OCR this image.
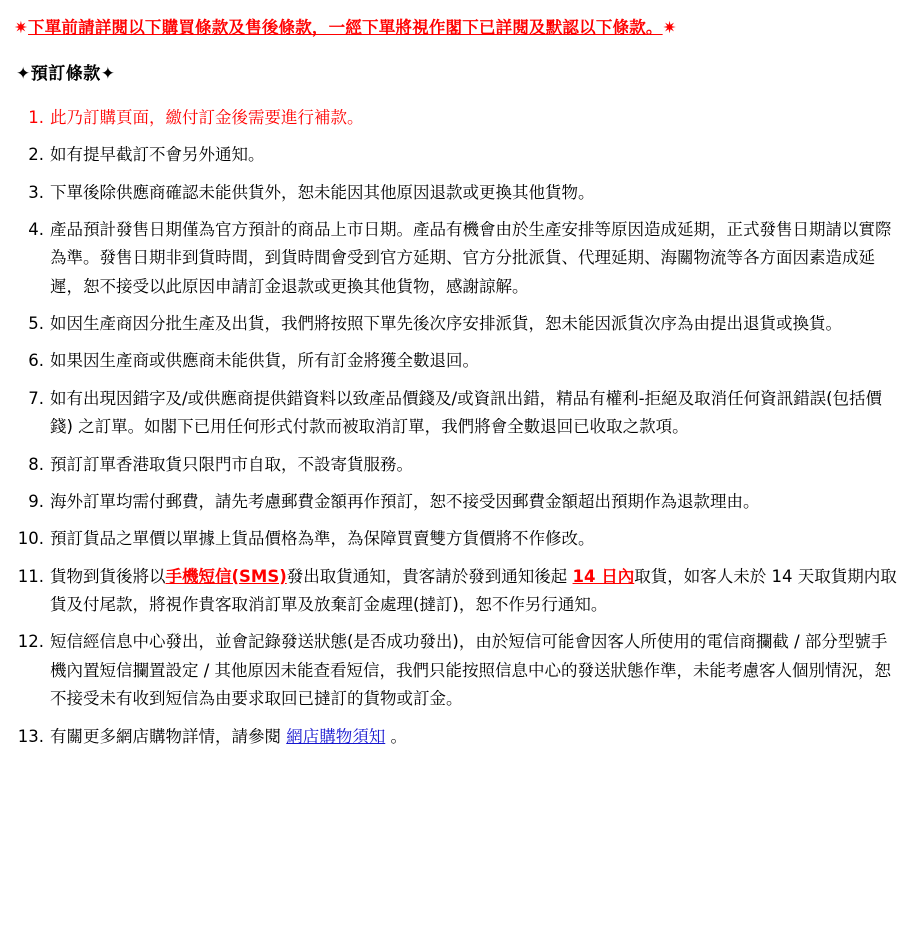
✷下單前請詳閱以下購買條款及售後條款，一經下單將視作閣下已詳閱及默認以下條款。✷
✦預訂條款✦
此乃訂購頁面，繳付訂金後需要進行補款。
如有提早截訂不會另外通知。
下單後除供應商確認未能供貨外，恕未能因其他原因退款或更換其他貨物。
產品預計發售日期僅為官方預計的商品上市日期。產品有機會由於生產安排等原因造成延期，正式發售日期請以實際為準。發售日期非到貨時間，到貨時間會受到官方延期、官方分批派貨、代理延期、海關物流等各方面因素造成延遲，恕不接受以此原因申請訂金退款或更換其他貨物，感謝諒解。
如因生產商因分批生產及出貨，我們將按照下單先後次序安排派貨，恕未能因派貨次序為由提出退貨或換貨。
如果因生產商或供應商未能供貨，所有訂金將獲全數退回。
如有出現因錯字及/或供應商提供錯資料以致產品價錢及/或資訊出錯，精品有權利-拒絕及取消任何資訊錯誤(包括價錢) 之訂單。如閣下已用任何形式付款而被取消訂單，我們將會全數退回已收取之款項。
預訂訂單香港取貨只限門市自取，不設寄貨服務。
海外訂單均需付郵費，請先考慮郵費金額再作預訂，恕不接受因郵費金額超出預期作為退款理由。
預訂貨品之單價以單據上貨品價格為準，為保障買賣雙方貨價將不作修改。
貨物到貨後將以手機短信(SMS)發出取貨通知，貴客請於發到通知後起 14 日內取貨，如客人未於 14 天取貨期内取貨及付尾款，將視作貴客取消訂單及放棄訂金處理(撻訂)，恕不作另行通知。
短信經信息中心發出，並會記錄發送狀態(是否成功發出)，由於短信可能會因客人所使用的電信商攔截 / 部分型號手機內置短信攔置設定 / 其他原因未能查看短信，我們只能按照信息中心的發送狀態作準，未能考慮客人個別情況，恕不接受未有收到短信為由要求取回已撻訂的貨物或訂金。
有關更多網店購物詳情，請參閱 網店購物須知 。
